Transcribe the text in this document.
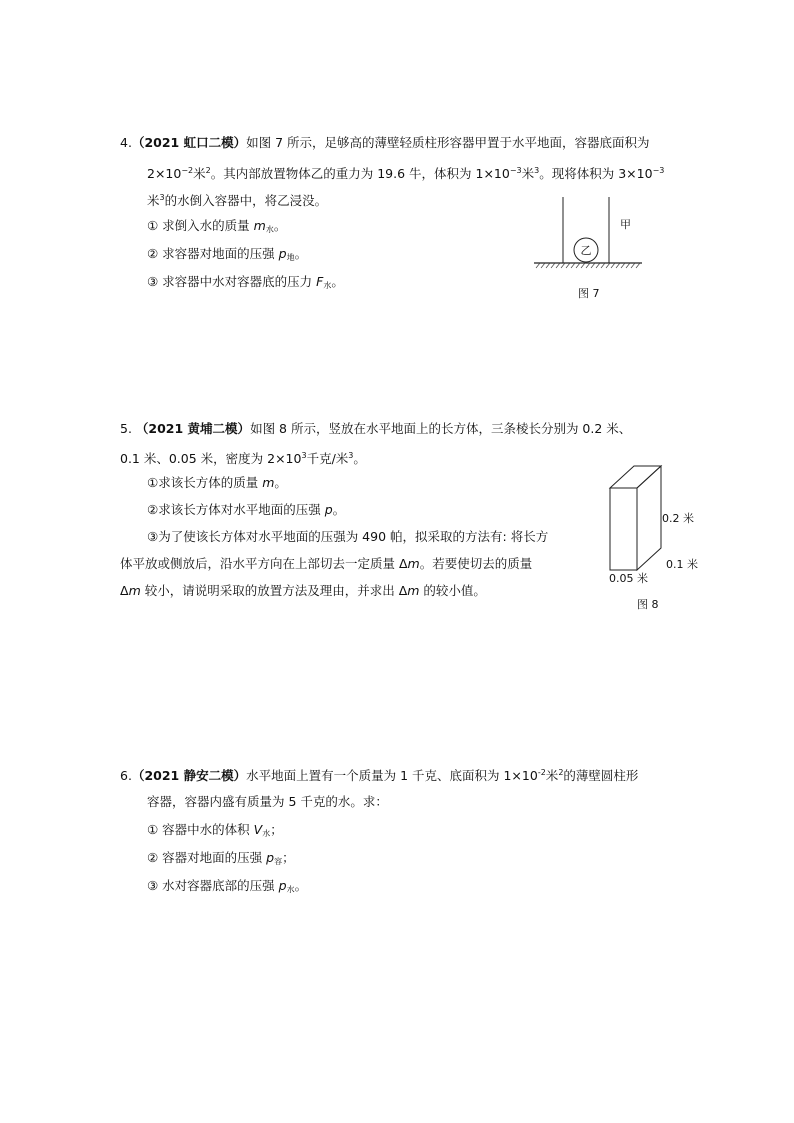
4.（2021 虹口二模）如图 7 所示，足够高的薄壁轻质柱形容器甲置于水平地面，容器底面积为
$2\times 10^{-2}$米$^2$。其内部放置物体乙的重力为 19.6 牛，体积为 $1\times 10^{-3}$米$^3$。现将体积为 $3\times 10^{-3}$
米$^3$的水倒入容器中，将乙浸没。
① 求倒入水的质量 $m_水$。
② 求容器对地面的压强 $p_地$。
③ 求容器中水对容器底的压力 $F_水$。
乙
甲
图 7
5. （2021 黄埔二模）如图 8 所示，竖放在水平地面上的长方体，三条棱长分别为 0.2 米、
0.1 米、0.05 米，密度为 $2\times 10^3$千克/米$^3$。
①求该长方体的质量 m。
②求该长方体对水平地面的压强 p。
③为了使该长方体对水平地面的压强为 490 帕，拟采取的方法有: 将长方
体平放或侧放后，沿水平方向在上部切去一定质量 Δm。若要使切去的质量
Δm 较小，请说明采取的放置方法及理由，并求出 Δm 的较小值。
0.2 米
0.1 米
0.05 米
图 8
6.（2021 静安二模）水平地面上置有一个质量为 1 千克、底面积为 $1\times 10^{-2}$米$^2$的薄壁圆柱形
容器，容器内盛有质量为 5 千克的水。求：
① 容器中水的体积 $V_水$；
② 容器对地面的压强 $p_容$；
③ 水对容器底部的压强 $p_水$。
